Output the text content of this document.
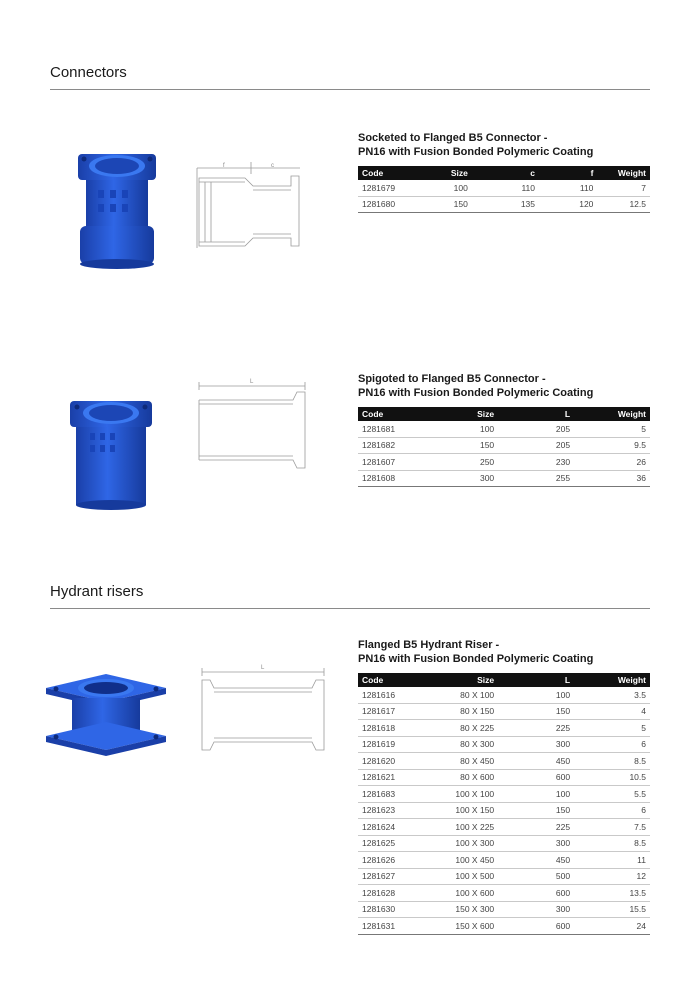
Connectors
f	c
Socketed to Flanged B5 Connector -
PN16 with Fusion Bonded Polymeric Coating
Code	Size	c	f	Weight
1281679	100	110	110	7
1281680	150	135	120	12.5
L	Spigoted to Flanged B5 Connector -
PN16 with Fusion Bonded Polymeric Coating
Code	Size	L	Weight
1281681	100	205	5
1281682	150	205	9.5
1281607	250	230	26
1281608	300	255	36
Hydrant risers
L
Flanged B5 Hydrant Riser -
PN16 with Fusion Bonded Polymeric Coating
Code	Size	L	Weight
1281616	80 X 100	100	3.5
1281617	80 X 150	150	4
1281618	80 X 225	225	5
1281619	80 X 300	300	6
1281620	80 X 450	450	8.5
1281621	80 X 600	600	10.5
1281683	100 X 100	100	5.5
1281623	100 X 150	150	6
1281624	100 X 225	225	7.5
1281625	100 X 300	300	8.5
1281626	100 X 450	450	11
1281627	100 X 500	500	12
1281628	100 X 600	600	13.5
1281630	150 X 300	300	15.5
1281631	150 X 600	600	24
